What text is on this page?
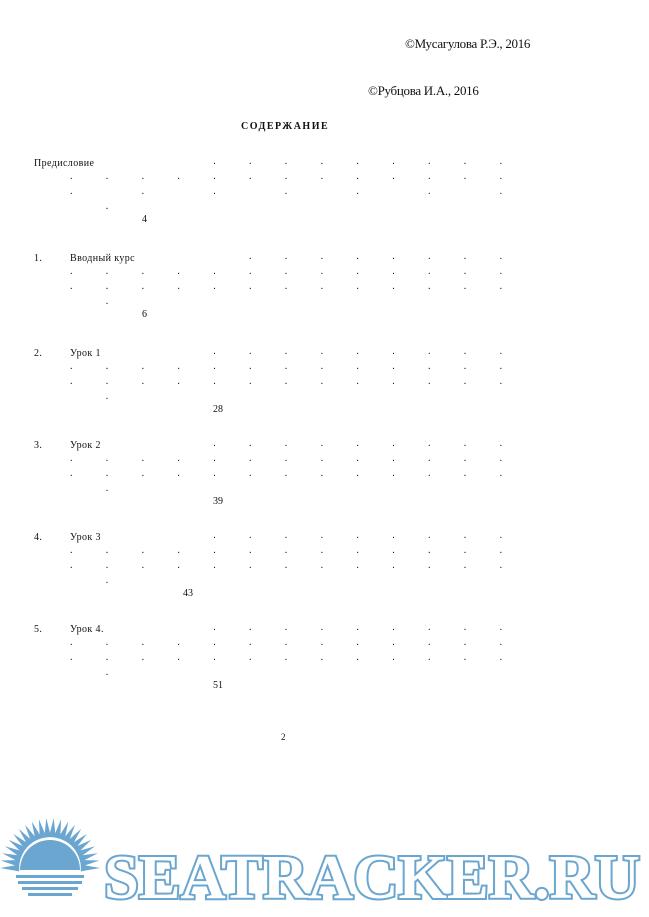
©Мусагулова Р.Э., 2016
©Рубцова И.А., 2016
СОДЕРЖАНИЕ
Предисловие	.	.	.	.	.	.	.	.	.
.	.	.	.	.	.	.	.	.	.	.	.	.
.	.	.	.	.	.	.
.
4
1.	Вводный курс	.	.	.	.	.	.	.	.
.	.	.	.	.	.	.	.	.	.	.	.	.
.	.	.	.	.	.	.	.	.	.	.	.	.
.
6
2.	Урок 1	.	.	.	.	.	.	.	.	.
.	.	.	.	.	.	.	.	.	.	.	.	.
.	.	.	.	.	.	.	.	.	.	.	.	.
.
28
3.	Урок 2	.	.	.	.	.	.	.	.	.
.	.	.	.	.	.	.	.	.	.	.	.	.
.	.	.	.	.	.	.	.	.	.	.	.	.
.
39
4.	Урок 3	.	.	.	.	.	.	.	.	.
.	.	.	.	.	.	.	.	.	.	.	.	.
.	.	.	.	.	.	.	.	.	.	.	.	.
.
43
5.	Урок 4.	.	.	.	.	.	.	.	.	.
.	.	.	.	.	.	.	.	.	.	.	.	.
.	.	.	.	.	.	.	.	.	.	.	.	.
.
51
2
SEATRACKER.RU
